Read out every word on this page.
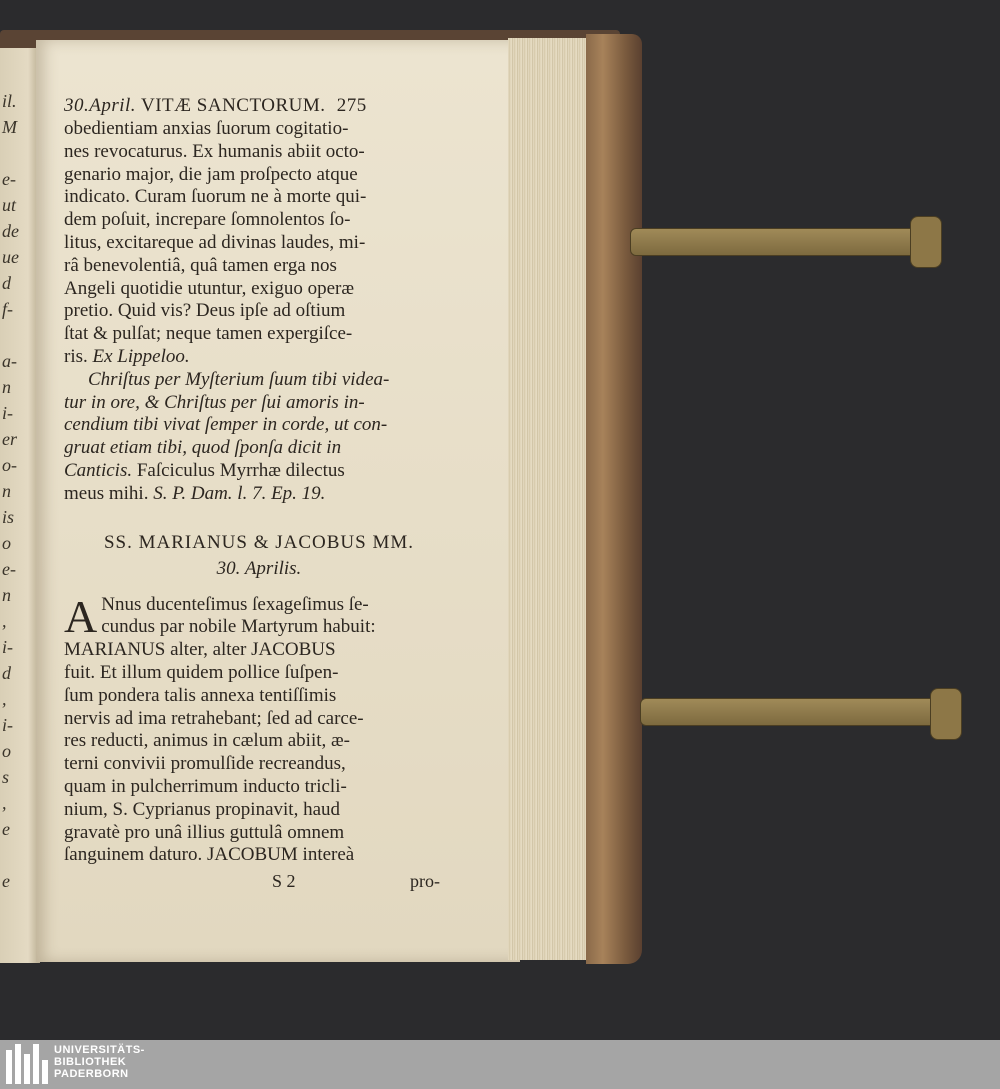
il.
M
e-
ut
de
ue
d
f-
a-
n
i-
er
o-
n
is
o
e-
n
,
i-
d
,
i-
o
s
,
e
e
30.April. VITÆ SANCTORUM. 275
obedientiam anxias ſuorum cogitatio-
nes revocaturus. Ex humanis abiit octo-
genario major, die jam proſpecto atque
indicato. Curam ſuorum ne à morte qui-
dem poſuit, increpare ſomnolentos ſo-
litus, excitareque ad divinas laudes, mi-
râ benevolentiâ, quâ tamen erga nos
Angeli quotidie utuntur, exiguo operæ
pretio. Quid vis? Deus ipſe ad oſtium
ſtat & pulſat; neque tamen expergiſce-
ris. Ex Lippeloo.
Chriſtus per Myſterium ſuum tibi videa-
tur in ore, & Chriſtus per ſui amoris in-
cendium tibi vivat ſemper in corde, ut con-
gruat etiam tibi, quod ſponſa dicit in
Canticis. Faſciculus Myrrhæ dilectus
meus mihi. S. P. Dam. l. 7. Ep. 19.
SS. MARIANUS & JACOBUS MM.
30. Aprilis.
A Nnus ducenteſimus ſexageſimus ſe-
cundus par nobile Martyrum habuit:
MARIANUS alter, alter JACOBUS
fuit. Et illum quidem pollice ſuſpen-
ſum pondera talis annexa tentiſſimis
nervis ad ima retrahebant; ſed ad carce-
res reducti, animus in cælum abiit, æ-
terni convivii promulſide recreandus,
quam in pulcherrimum inducto tricli-
nium, S. Cyprianus propinavit, haud
gravatè pro unâ illius guttulâ omnem
ſanguinem daturo. JACOBUM intereà
S 2	pro-
UNIVERSITÄTS-
BIBLIOTHEK
PADERBORN
